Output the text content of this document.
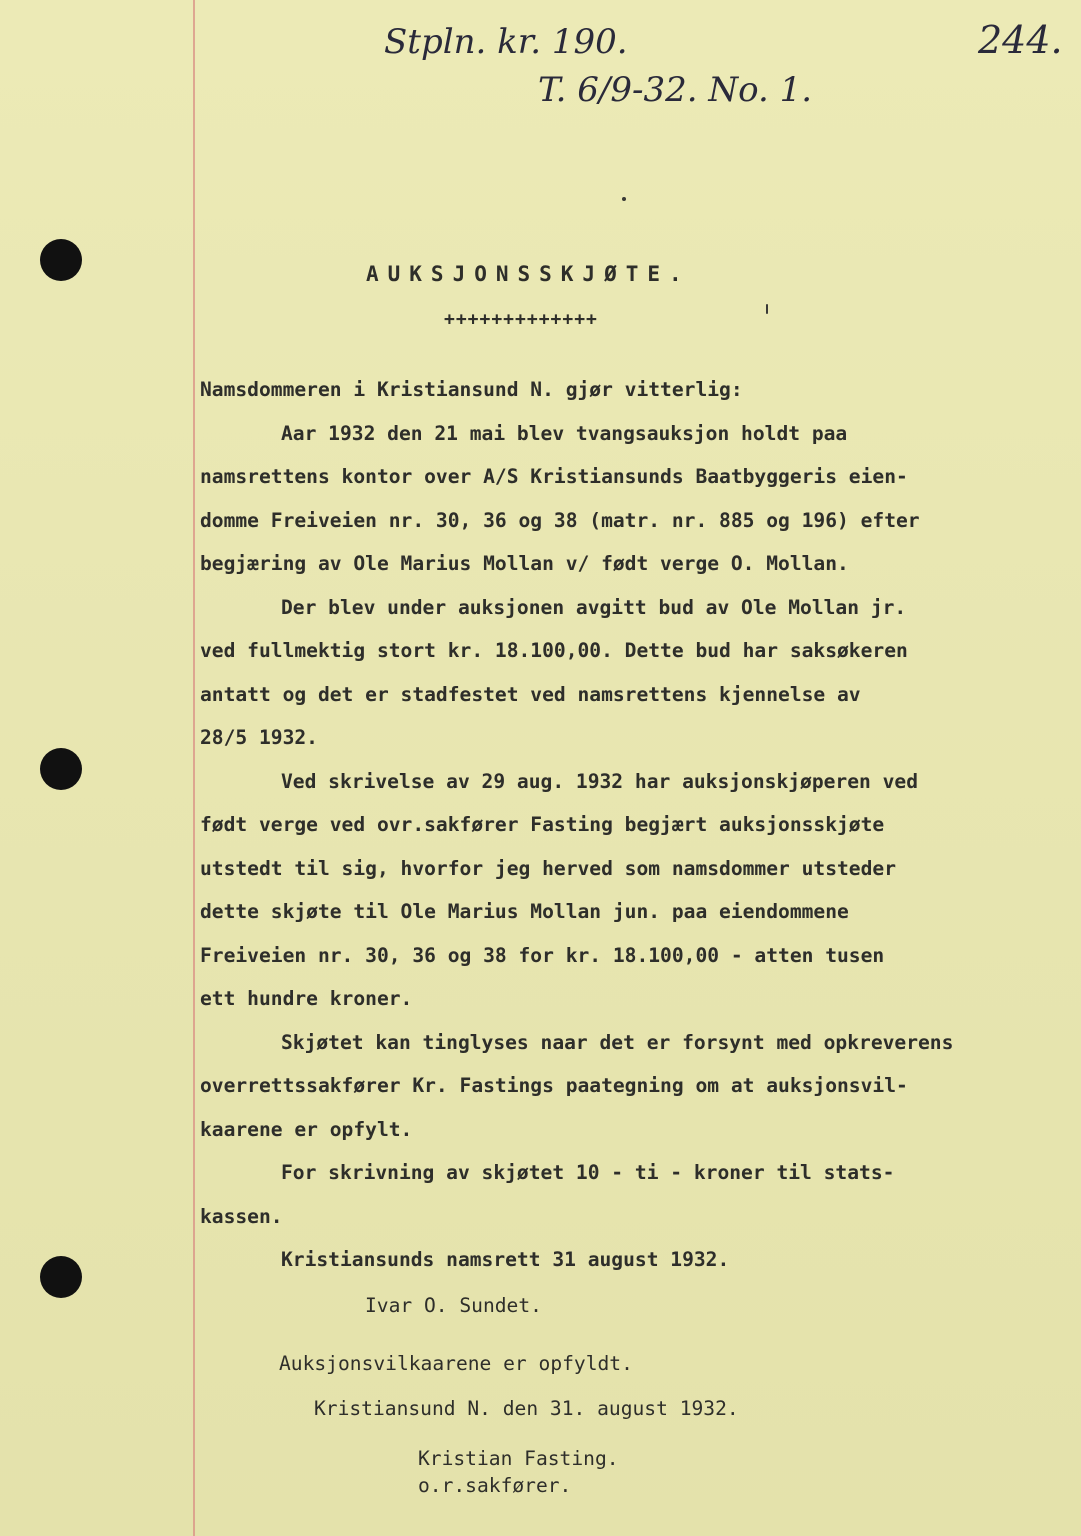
Stpln. kr. 190.
T. 6/9-32. No. 1.
244.
AUKSJONSSKJØTE.
+++++++++++++
Namsdommeren i Kristiansund N. gjør vitterlig:
Aar 1932 den 21 mai blev tvangsauksjon holdt paa
namsrettens kontor over A/S Kristiansunds Baatbyggeris eien-
domme Freiveien nr. 30, 36 og 38 (matr. nr. 885 og 196) efter
begjæring av Ole Marius Mollan v/ født verge O. Mollan.
Der blev under auksjonen avgitt bud av Ole Mollan jr.
ved fullmektig stort kr. 18.100,00. Dette bud har saksøkeren
antatt og det er stadfestet ved namsrettens kjennelse av
28/5 1932.
Ved skrivelse av 29 aug. 1932 har auksjonskjøperen ved
født verge ved ovr.sakfører Fasting begjært auksjonsskjøte
utstedt til sig, hvorfor jeg herved som namsdommer utsteder
dette skjøte til Ole Marius Mollan jun. paa eiendommene
Freiveien nr. 30, 36 og 38 for kr. 18.100,00 - atten tusen
ett hundre kroner.
Skjøtet kan tinglyses naar det er forsynt med opkreverens
overrettssakfører Kr. Fastings paategning om at auksjonsvil-
kaarene er opfylt.
For skrivning av skjøtet 10 - ti - kroner til stats-
kassen.
Kristiansunds namsrett 31 august 1932.
Ivar O. Sundet.
Auksjonsvilkaarene er opfyldt.
Kristiansund N. den 31. august 1932.
Kristian Fasting.
o.r.sakfører.
